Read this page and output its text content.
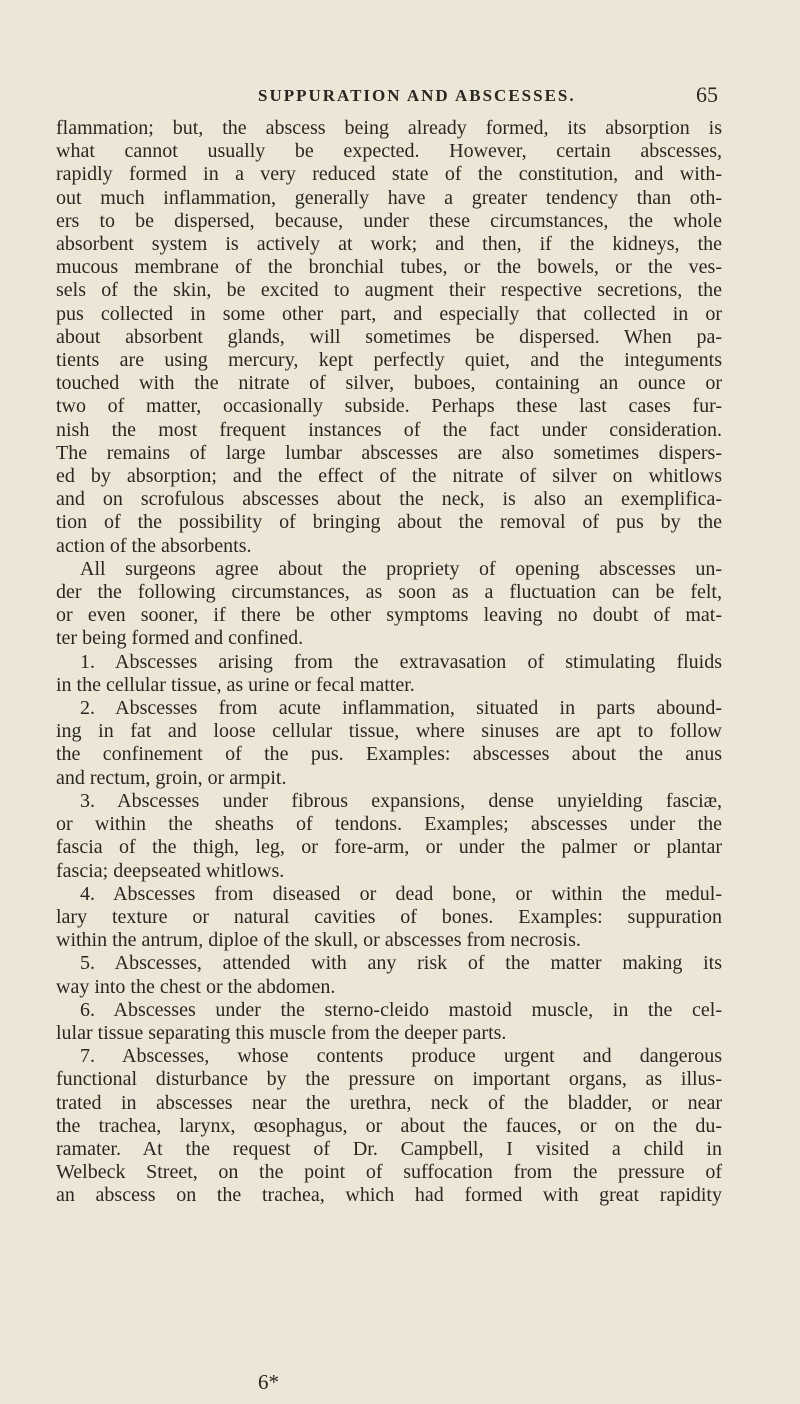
SUPPURATION AND ABSCESSES.	65
flammation; but, the abscess being already formed, its absorption is
what cannot usually be expected. However, certain abscesses,
rapidly formed in a very reduced state of the constitution, and with-
out much inflammation, generally have a greater tendency than oth-
ers to be dispersed, because, under these circumstances, the whole
absorbent system is actively at work; and then, if the kidneys, the
mucous membrane of the bronchial tubes, or the bowels, or the ves-
sels of the skin, be excited to augment their respective secretions, the
pus collected in some other part, and especially that collected in or
about absorbent glands, will sometimes be dispersed. When pa-
tients are using mercury, kept perfectly quiet, and the integuments
touched with the nitrate of silver, buboes, containing an ounce or
two of matter, occasionally subside. Perhaps these last cases fur-
nish the most frequent instances of the fact under consideration.
The remains of large lumbar abscesses are also sometimes dispers-
ed by absorption; and the effect of the nitrate of silver on whitlows
and on scrofulous abscesses about the neck, is also an exemplifica-
tion of the possibility of bringing about the removal of pus by the
action of the absorbents.
All surgeons agree about the propriety of opening abscesses un-
der the following circumstances, as soon as a fluctuation can be felt,
or even sooner, if there be other symptoms leaving no doubt of mat-
ter being formed and confined.
1. Abscesses arising from the extravasation of stimulating fluids
in the cellular tissue, as urine or fecal matter.
2. Abscesses from acute inflammation, situated in parts abound-
ing in fat and loose cellular tissue, where sinuses are apt to follow
the confinement of the pus. Examples: abscesses about the anus
and rectum, groin, or armpit.
3. Abscesses under fibrous expansions, dense unyielding fasciæ,
or within the sheaths of tendons. Examples; abscesses under the
fascia of the thigh, leg, or fore-arm, or under the palmer or plantar
fascia; deepseated whitlows.
4. Abscesses from diseased or dead bone, or within the medul-
lary texture or natural cavities of bones. Examples: suppuration
within the antrum, diploe of the skull, or abscesses from necrosis.
5. Abscesses, attended with any risk of the matter making its
way into the chest or the abdomen.
6. Abscesses under the sterno-cleido mastoid muscle, in the cel-
lular tissue separating this muscle from the deeper parts.
7. Abscesses, whose contents produce urgent and dangerous
functional disturbance by the pressure on important organs, as illus-
trated in abscesses near the urethra, neck of the bladder, or near
the trachea, larynx, œsophagus, or about the fauces, or on the du-
ramater. At the request of Dr. Campbell, I visited a child in
Welbeck Street, on the point of suffocation from the pressure of
an abscess on the trachea, which had formed with great rapidity
6*
